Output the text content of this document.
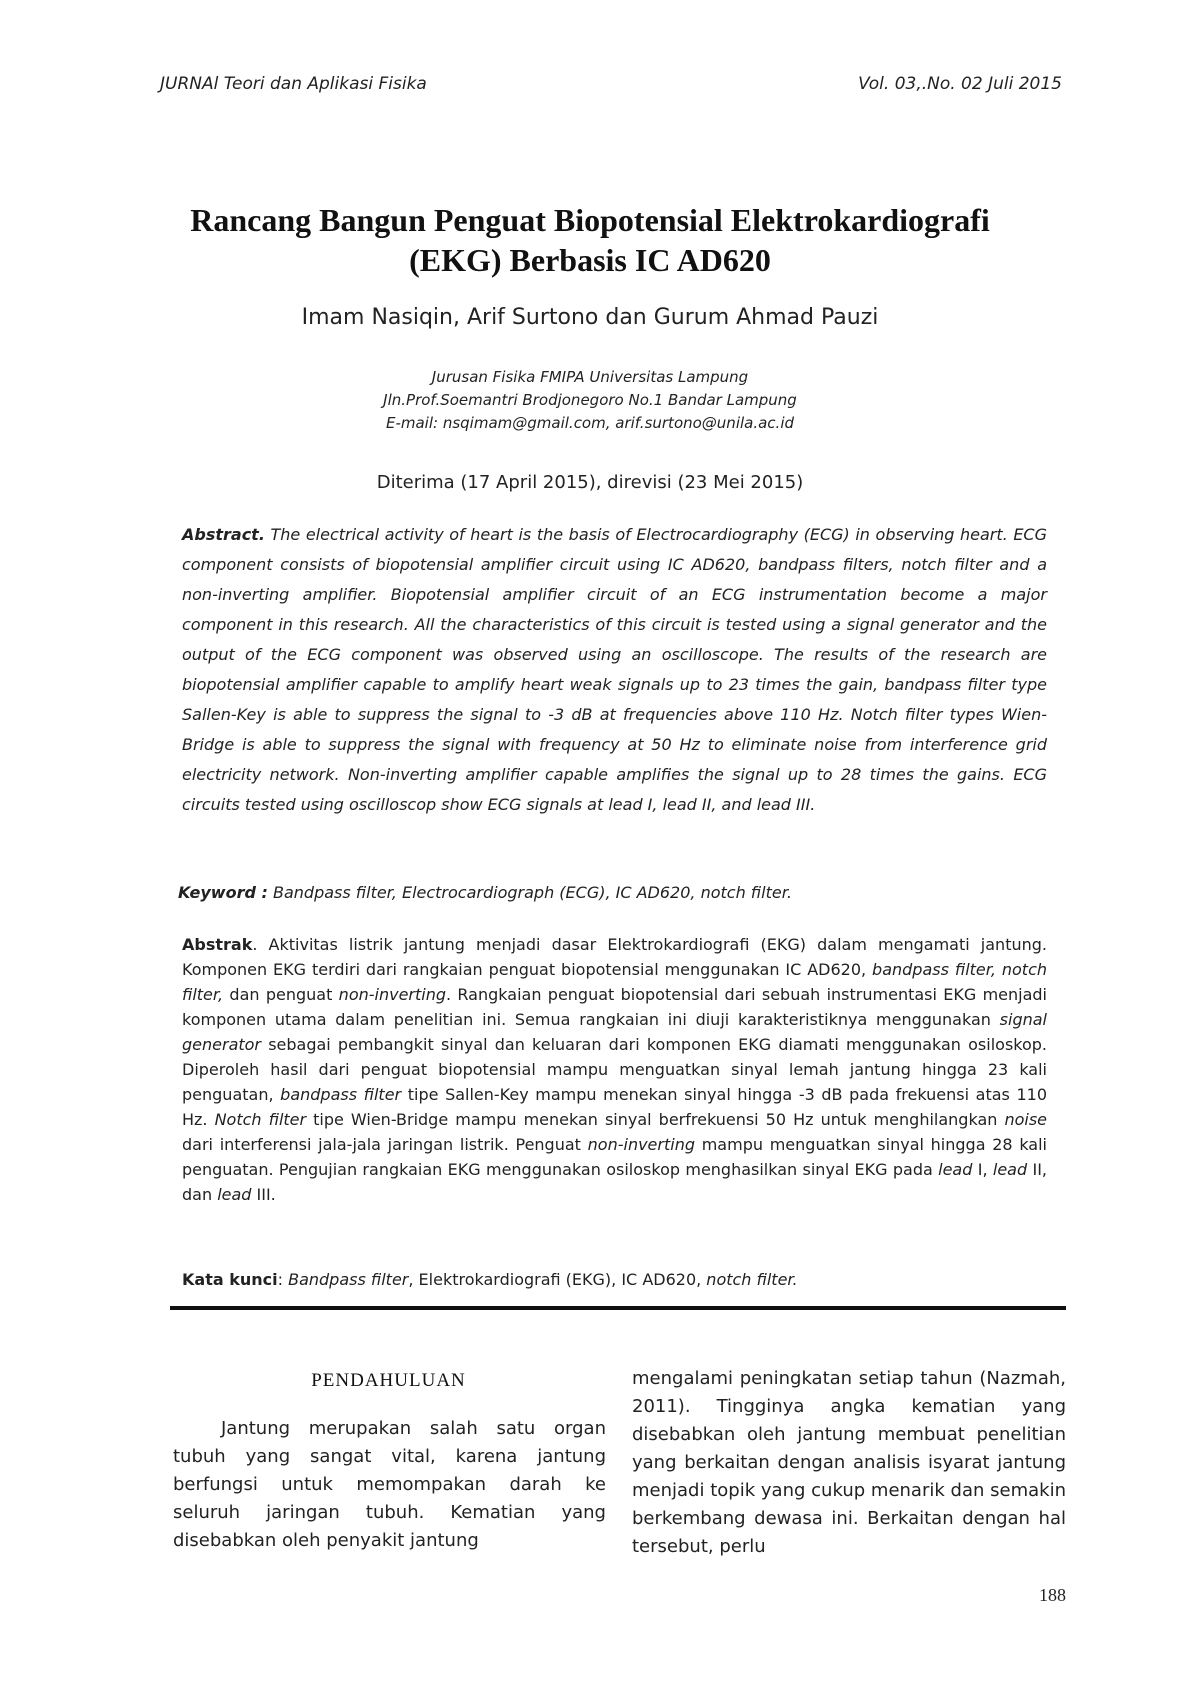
JURNAl Teori dan Aplikasi Fisika	Vol. 03,.No. 02 Juli 2015
Rancang Bangun Penguat Biopotensial Elektrokardiografi
(EKG) Berbasis IC AD620
Imam Nasiqin, Arif Surtono dan Gurum Ahmad Pauzi
Jurusan Fisika FMIPA Universitas Lampung
Jln.Prof.Soemantri Brodjonegoro No.1 Bandar Lampung
E-mail: nsqimam@gmail.com, arif.surtono@unila.ac.id
Diterima (17 April 2015), direvisi (23 Mei 2015)
Abstract. The electrical activity of heart is the basis of Electrocardiography (ECG) in observing heart. ECG component consists of biopotensial amplifier circuit using IC AD620, bandpass filters, notch filter and a non-inverting amplifier. Biopotensial amplifier circuit of an ECG instrumentation become a major component in this research. All the characteristics of this circuit is tested using a signal generator and the output of the ECG component was observed using an oscilloscope. The results of the research are biopotensial amplifier capable to amplify heart weak signals up to 23 times the gain, bandpass filter type Sallen-Key is able to suppress the signal to -3 dB at frequencies above 110 Hz. Notch filter types Wien-Bridge is able to suppress the signal with frequency at 50 Hz to eliminate noise from interference grid electricity network. Non-inverting amplifier capable amplifies the signal up to 28 times the gains. ECG circuits tested using oscilloscop show ECG signals at lead I, lead II, and lead III.
Keyword : Bandpass filter, Electrocardiograph (ECG), IC AD620, notch filter.
Abstrak. Aktivitas listrik jantung menjadi dasar Elektrokardiografi (EKG) dalam mengamati jantung. Komponen EKG terdiri dari rangkaian penguat biopotensial menggunakan IC AD620, bandpass filter, notch filter, dan penguat non-inverting. Rangkaian penguat biopotensial dari sebuah instrumentasi EKG menjadi komponen utama dalam penelitian ini. Semua rangkaian ini diuji karakteristiknya menggunakan signal generator sebagai pembangkit sinyal dan keluaran dari komponen EKG diamati menggunakan osiloskop. Diperoleh hasil dari penguat biopotensial mampu menguatkan sinyal lemah jantung hingga 23 kali penguatan, bandpass filter tipe Sallen-Key mampu menekan sinyal hingga -3 dB pada frekuensi atas 110 Hz. Notch filter tipe Wien-Bridge mampu menekan sinyal berfrekuensi 50 Hz untuk menghilangkan noise dari interferensi jala-jala jaringan listrik. Penguat non-inverting mampu menguatkan sinyal hingga 28 kali penguatan. Pengujian rangkaian EKG menggunakan osiloskop menghasilkan sinyal EKG pada lead I, lead II, dan lead III.
Kata kunci: Bandpass filter, Elektrokardiografi (EKG), IC AD620, notch filter.
PENDAHULUAN

Jantung merupakan salah satu organ tubuh yang sangat vital, karena jantung berfungsi untuk memompakan darah ke seluruh jaringan tubuh. Kematian yang disebabkan oleh penyakit jantung

mengalami peningkatan setiap tahun (Nazmah, 2011). Tingginya angka kematian yang disebabkan oleh jantung membuat penelitian yang berkaitan dengan analisis isyarat jantung menjadi topik yang cukup menarik dan semakin berkembang dewasa ini. Berkaitan dengan hal tersebut, perlu

188
